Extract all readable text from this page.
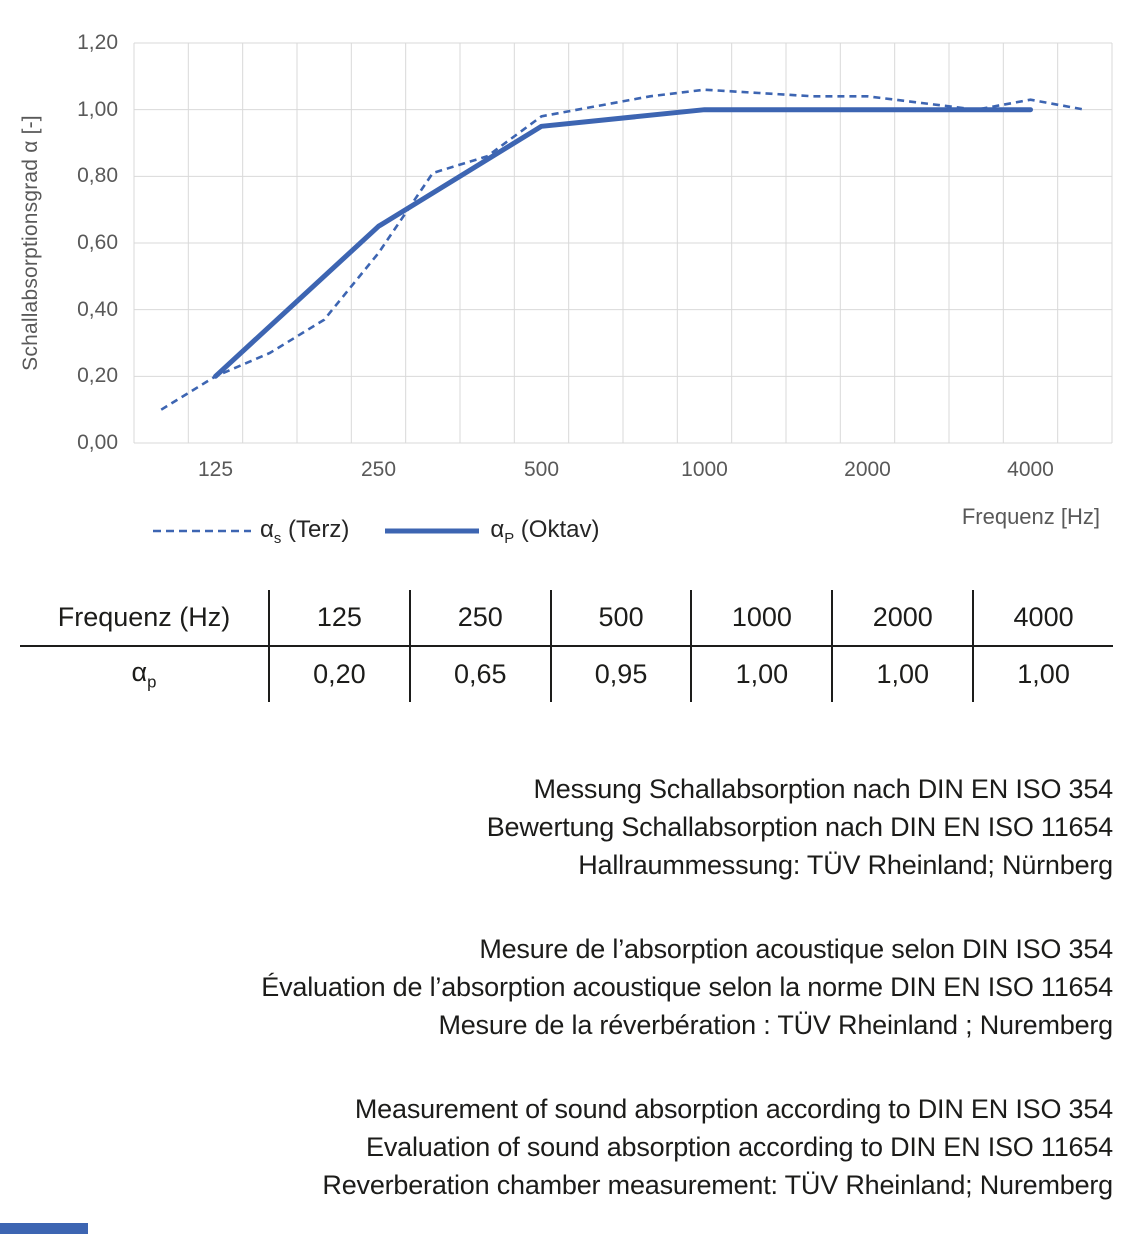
Schallabsorptionsgrad α [-]
0,00
0,20
0,40
0,60
0,80
1,00
1,20
125	250	500	1000	2000	4000
Frequenz [Hz]
$\alpha_s$ (Terz)	$\alpha_P$ (Oktav)
Frequenz (Hz)	125	250	500	1000	2000	4000
$\alpha_p$	0,20	0,65	0,95	1,00	1,00	1,00
Messung Schallabsorption nach DIN EN ISO 354
Bewertung Schallabsorption nach DIN EN ISO 11654
Hallraummessung: TÜV Rheinland; Nürnberg
Mesure de l’absorption acoustique selon DIN ISO 354
Évaluation de l’absorption acoustique selon la norme DIN EN ISO 11654
Mesure de la réverbération : TÜV Rheinland ; Nuremberg
Measurement of sound absorption according to DIN EN ISO 354
Evaluation of sound absorption according to DIN EN ISO 11654
Reverberation chamber measurement: TÜV Rheinland; Nuremberg
